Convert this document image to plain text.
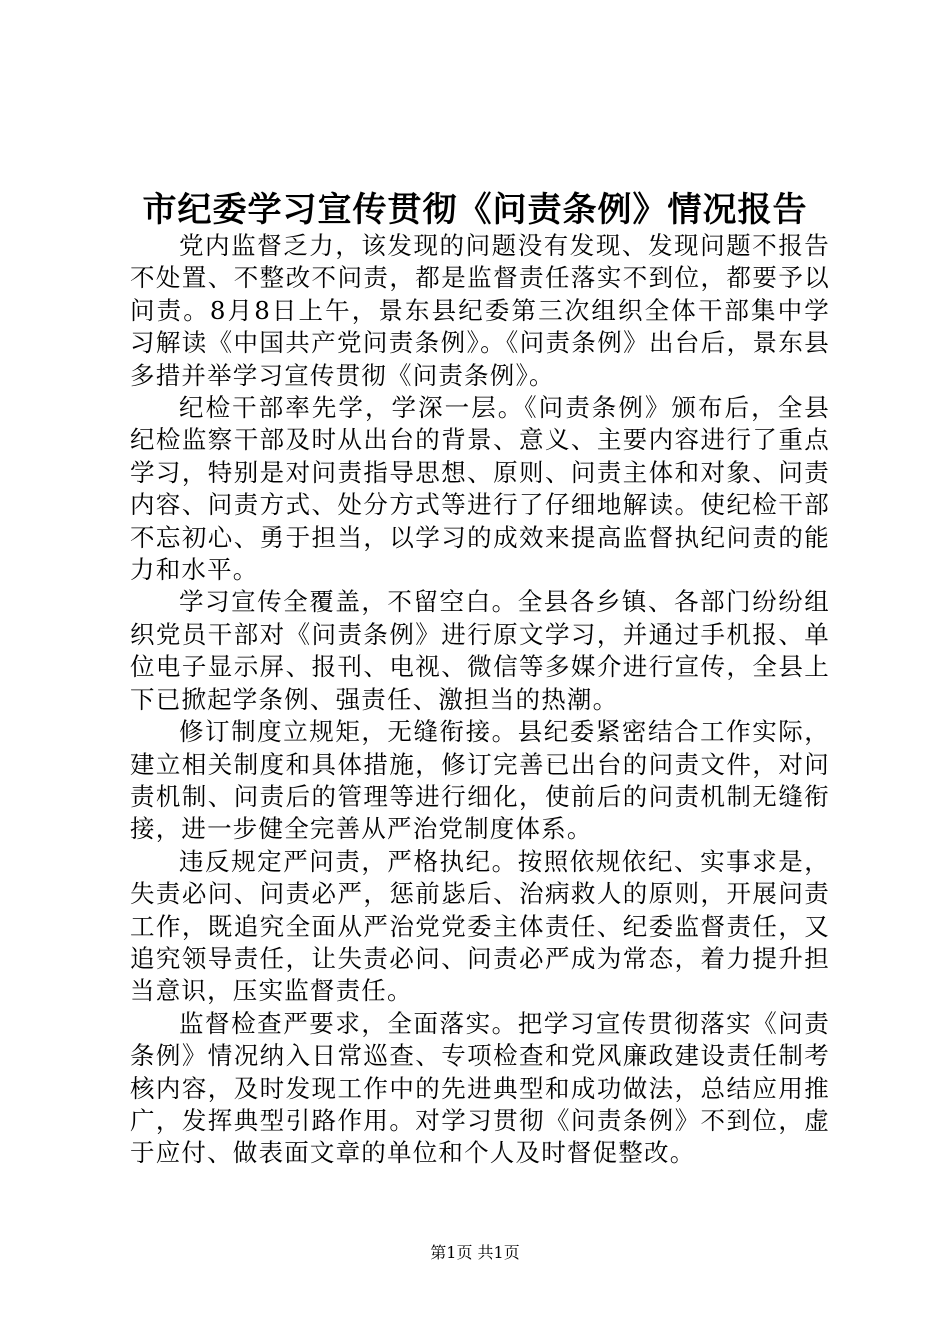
市纪委学习宣传贯彻《问责条例》情况报告

党内监督乏力，该发现的问题没有发现、发现问题不报告不处置、不整改不问责，都是监督责任落实不到位，都要予以问责。8月8日上午，景东县纪委第三次组织全体干部集中学习解读《中国共产党问责条例》。《问责条例》出台后，景东县多措并举学习宣传贯彻《问责条例》。

纪检干部率先学，学深一层。《问责条例》颁布后，全县纪检监察干部及时从出台的背景、意义、主要内容进行了重点学习，特别是对问责指导思想、原则、问责主体和对象、问责内容、问责方式、处分方式等进行了仔细地解读。使纪检干部不忘初心、勇于担当，以学习的成效来提高监督执纪问责的能力和水平。

学习宣传全覆盖，不留空白。全县各乡镇、各部门纷纷组织党员干部对《问责条例》进行原文学习，并通过手机报、单位电子显示屏、报刊、电视、微信等多媒介进行宣传，全县上下已掀起学条例、强责任、激担当的热潮。

修订制度立规矩，无缝衔接。县纪委紧密结合工作实际，建立相关制度和具体措施，修订完善已出台的问责文件，对问责机制、问责后的管理等进行细化，使前后的问责机制无缝衔接，进一步健全完善从严治党制度体系。

违反规定严问责，严格执纪。按照依规依纪、实事求是，失责必问、问责必严，惩前毖后、治病救人的原则，开展问责工作，既追究全面从严治党党委主体责任、纪委监督责任，又追究领导责任，让失责必问、问责必严成为常态，着力提升担当意识，压实监督责任。

监督检查严要求，全面落实。把学习宣传贯彻落实《问责条例》情况纳入日常巡查、专项检查和党风廉政建设责任制考核内容，及时发现工作中的先进典型和成功做法，总结应用推广，发挥典型引路作用。对学习贯彻《问责条例》不到位，虚于应付、做表面文章的单位和个人及时督促整改。

第1页 共1页
